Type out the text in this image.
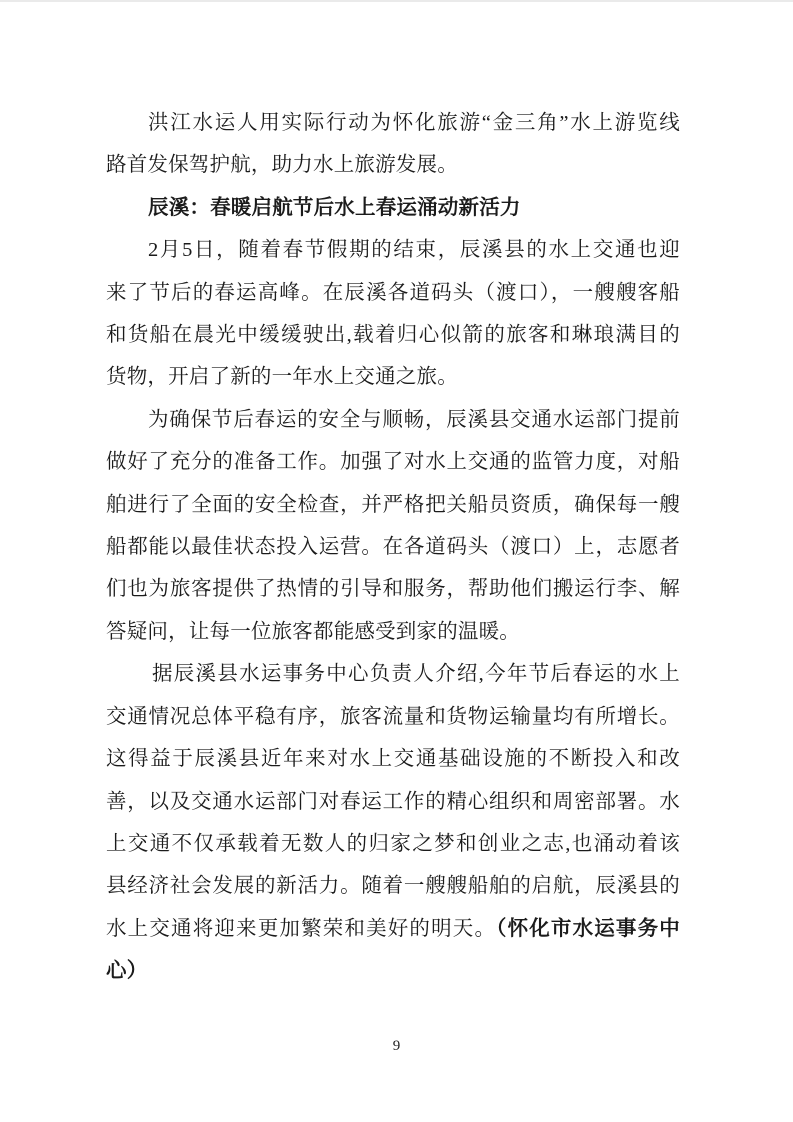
洪江水运人用实际行动为怀化旅游“金三角”水上游览线
路首发保驾护航，助力水上旅游发展。
辰溪：春暖启航节后水上春运涌动新活力
2月5日，随着春节假期的结束，辰溪县的水上交通也迎
来了节后的春运高峰。在辰溪各道码头（渡口），一艘艘客船
和货船在晨光中缓缓驶出,载着归心似箭的旅客和琳琅满目的
货物，开启了新的一年水上交通之旅。
为确保节后春运的安全与顺畅，辰溪县交通水运部门提前
做好了充分的准备工作。加强了对水上交通的监管力度，对船
舶进行了全面的安全检查，并严格把关船员资质，确保每一艘
船都能以最佳状态投入运营。在各道码头（渡口）上，志愿者
们也为旅客提供了热情的引导和服务，帮助他们搬运行李、解
答疑问，让每一位旅客都能感受到家的温暖。
据辰溪县水运事务中心负责人介绍,今年节后春运的水上
交通情况总体平稳有序，旅客流量和货物运输量均有所增长。
这得益于辰溪县近年来对水上交通基础设施的不断投入和改
善，以及交通水运部门对春运工作的精心组织和周密部署。水
上交通不仅承载着无数人的归家之梦和创业之志,也涌动着该
县经济社会发展的新活力。随着一艘艘船舶的启航，辰溪县的
水上交通将迎来更加繁荣和美好的明天。（怀化市水运事务中
心）
9
